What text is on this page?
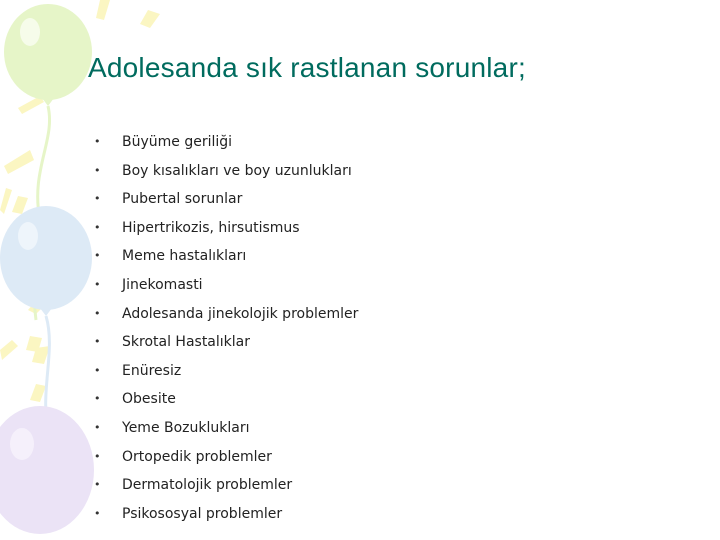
Adolesanda sık rastlanan sorunlar;
• Büyüme geriliği
• Boy kısalıkları ve boy uzunlukları
• Pubertal sorunlar
• Hipertrikozis, hirsutismus
• Meme hastalıkları
• Jinekomasti
• Adolesanda jinekolojik problemler
• Skrotal Hastalıklar
• Enüresiz
• Obesite
• Yeme Bozuklukları
• Ortopedik problemler
• Dermatolojik problemler
• Psikososyal problemler
